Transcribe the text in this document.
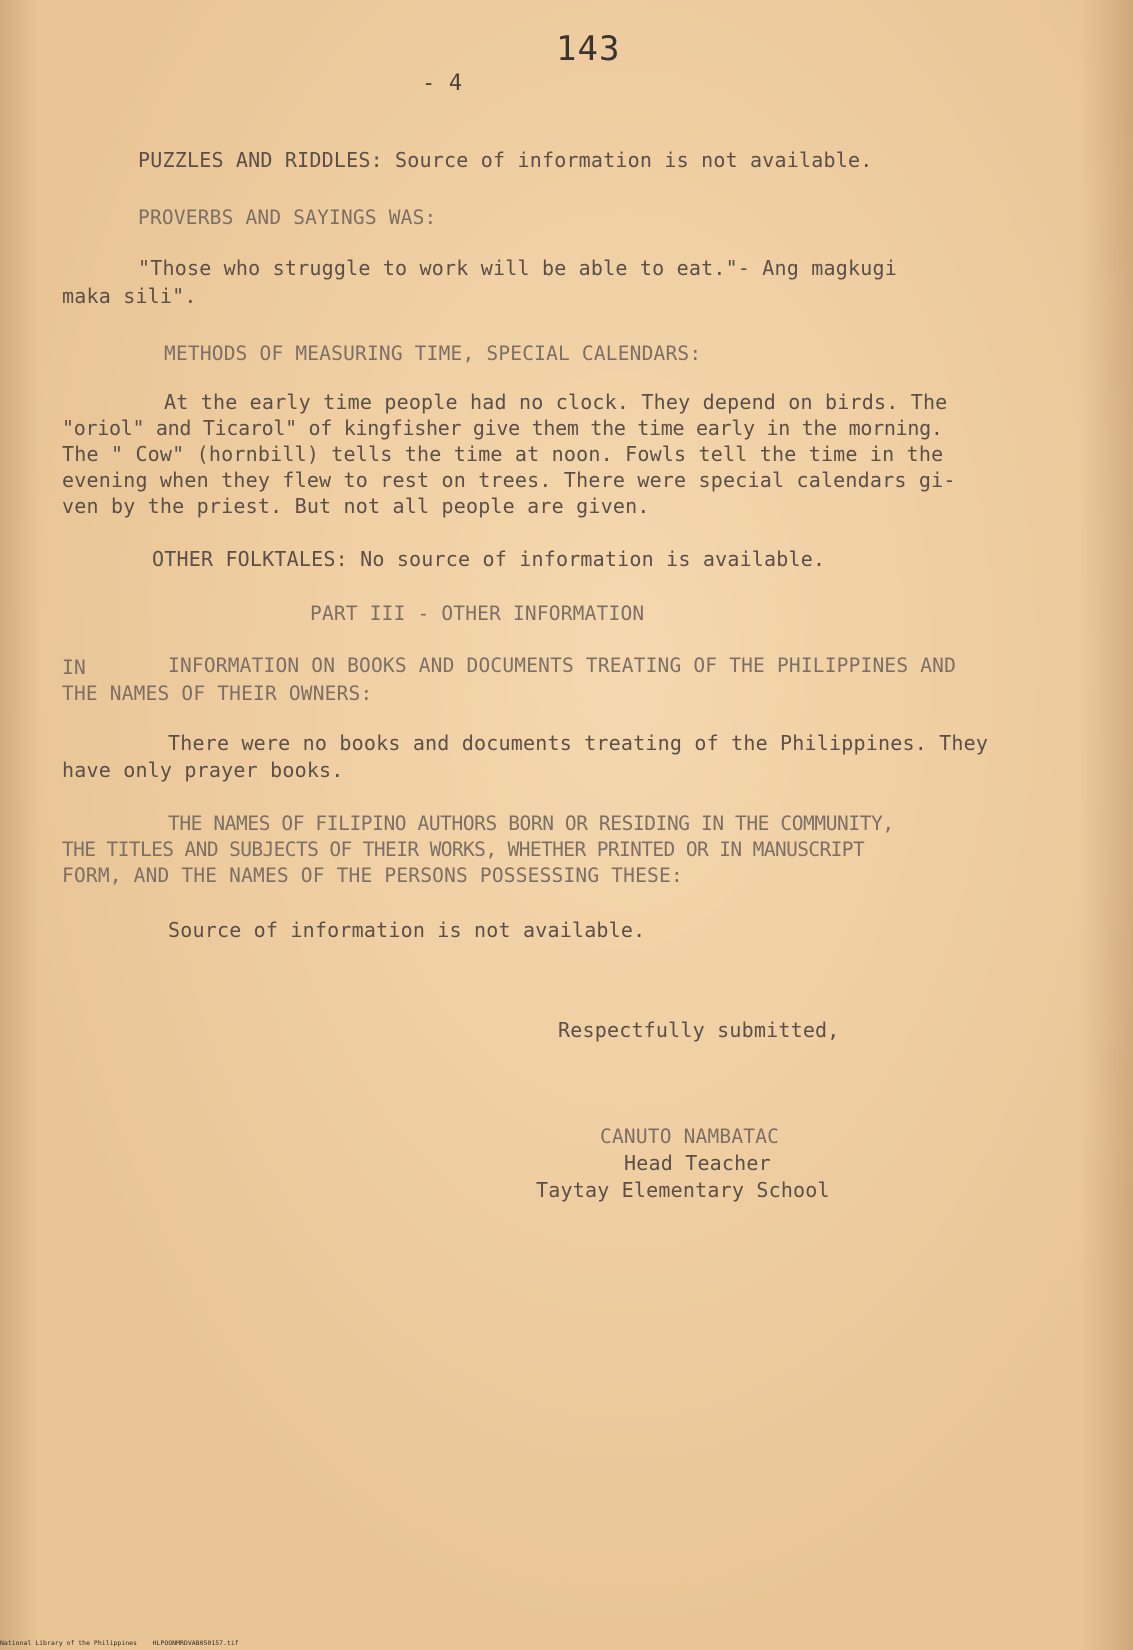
143
- 4
PUZZLES AND RIDDLES: Source of information is not available.
PROVERBS AND SAYINGS WAS:
"Those who struggle to work will be able to eat."- Ang magkugi
maka sili".
METHODS OF MEASURING TIME, SPECIAL CALENDARS:
At the early time people had no clock. They depend on birds. The
"oriol" and Ticarol" of kingfisher give them the time early in the morning.
The " Cow" (hornbill) tells the time at noon. Fowls tell the time in the
evening when they flew to rest on trees. There were special calendars gi-
ven by the priest. But not all people are given.
OTHER FOLKTALES: No source of information is available.
PART III - OTHER INFORMATION
IN	INFORMATION ON BOOKS AND DOCUMENTS TREATING OF THE PHILIPPINES AND
THE NAMES OF THEIR OWNERS:
There were no books and documents treating of the Philippines. They
have only prayer books.
THE NAMES OF FILIPINO AUTHORS BORN OR RESIDING IN THE COMMUNITY,
THE TITLES AND SUBJECTS OF THEIR WORKS, WHETHER PRINTED OR IN MANUSCRIPT
FORM, AND THE NAMES OF THE PERSONS POSSESSING THESE:
Source of information is not available.
Respectfully submitted,
CANUTO NAMBATAC
Head Teacher
Taytay Elementary School
National Library of the Philippines    HLPOONMRDVAB050157.tif
